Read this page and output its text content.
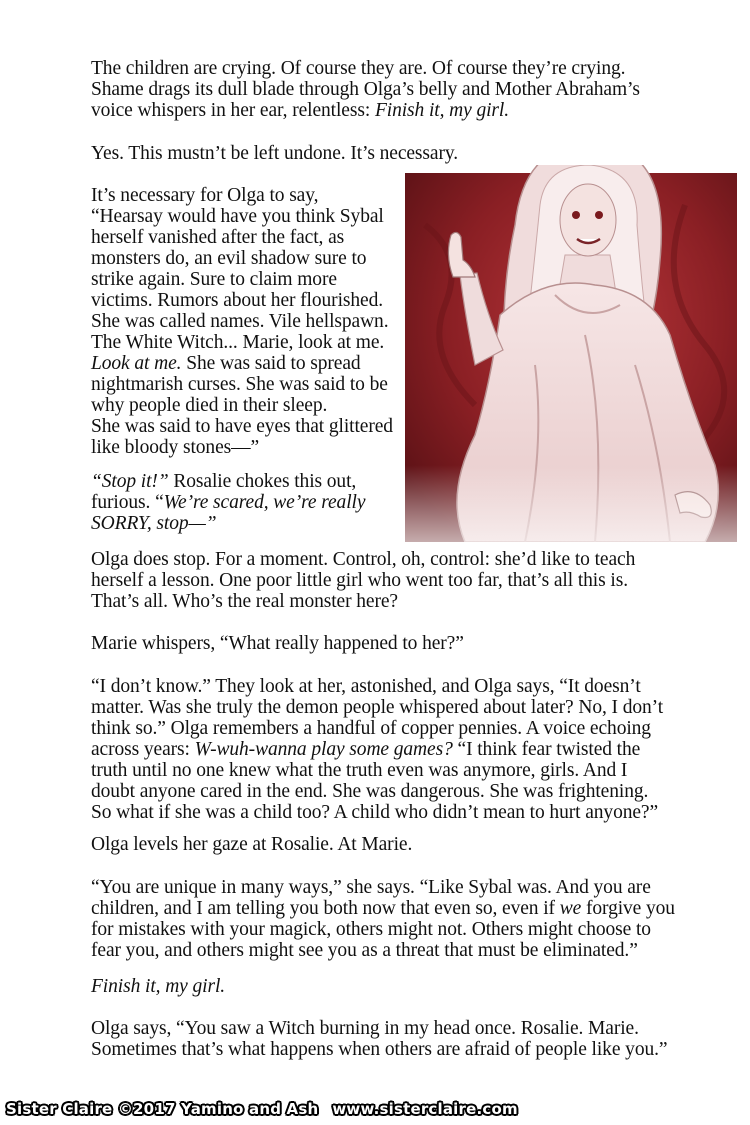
The children are crying. Of course they are. Of course they’re crying.
Shame drags its dull blade through Olga’s belly and Mother Abraham’s
voice whispers in her ear, relentless: Finish it, my girl.

Yes. This mustn’t be left undone. It’s necessary.

It’s necessary for Olga to say,
“Hearsay would have you think Sybal
herself vanished after the fact, as
monsters do, an evil shadow sure to
strike again. Sure to claim more
victims. Rumors about her flourished.
She was called names. Vile hellspawn.
The White Witch... Marie, look at me.
Look at me. She was said to spread
nightmarish curses. She was said to be
why people died in their sleep.
She was said to have eyes that glittered
like bloody stones—”

“Stop it!” Rosalie chokes this out,
furious. “We’re scared, we’re really
SORRY, stop—”

Olga does stop. For a moment. Control, oh, control: she’d like to teach
herself a lesson. One poor little girl who went too far, that’s all this is.
That’s all. Who’s the real monster here?

Marie whispers, “What really happened to her?”

“I don’t know.” They look at her, astonished, and Olga says, “It doesn’t
matter. Was she truly the demon people whispered about later? No, I don’t
think so.” Olga remembers a handful of copper pennies. A voice echoing
across years: W-wuh-wanna play some games? “I think fear twisted the
truth until no one knew what the truth even was anymore, girls. And I
doubt anyone cared in the end. She was dangerous. She was frightening.
So what if she was a child too? A child who didn’t mean to hurt anyone?”

Olga levels her gaze at Rosalie. At Marie.

“You are unique in many ways,” she says. “Like Sybal was. And you are
children, and I am telling you both now that even so, even if we forgive you
for mistakes with your magick, others might not. Others might choose to
fear you, and others might see you as a threat that must be eliminated.”

Finish it, my girl.

Olga says, “You saw a Witch burning in my head once. Rosalie. Marie.
Sometimes that’s what happens when others are afraid of people like you.”

Sister Claire ©2017 Yamino and Ash www.sisterclaire.com
